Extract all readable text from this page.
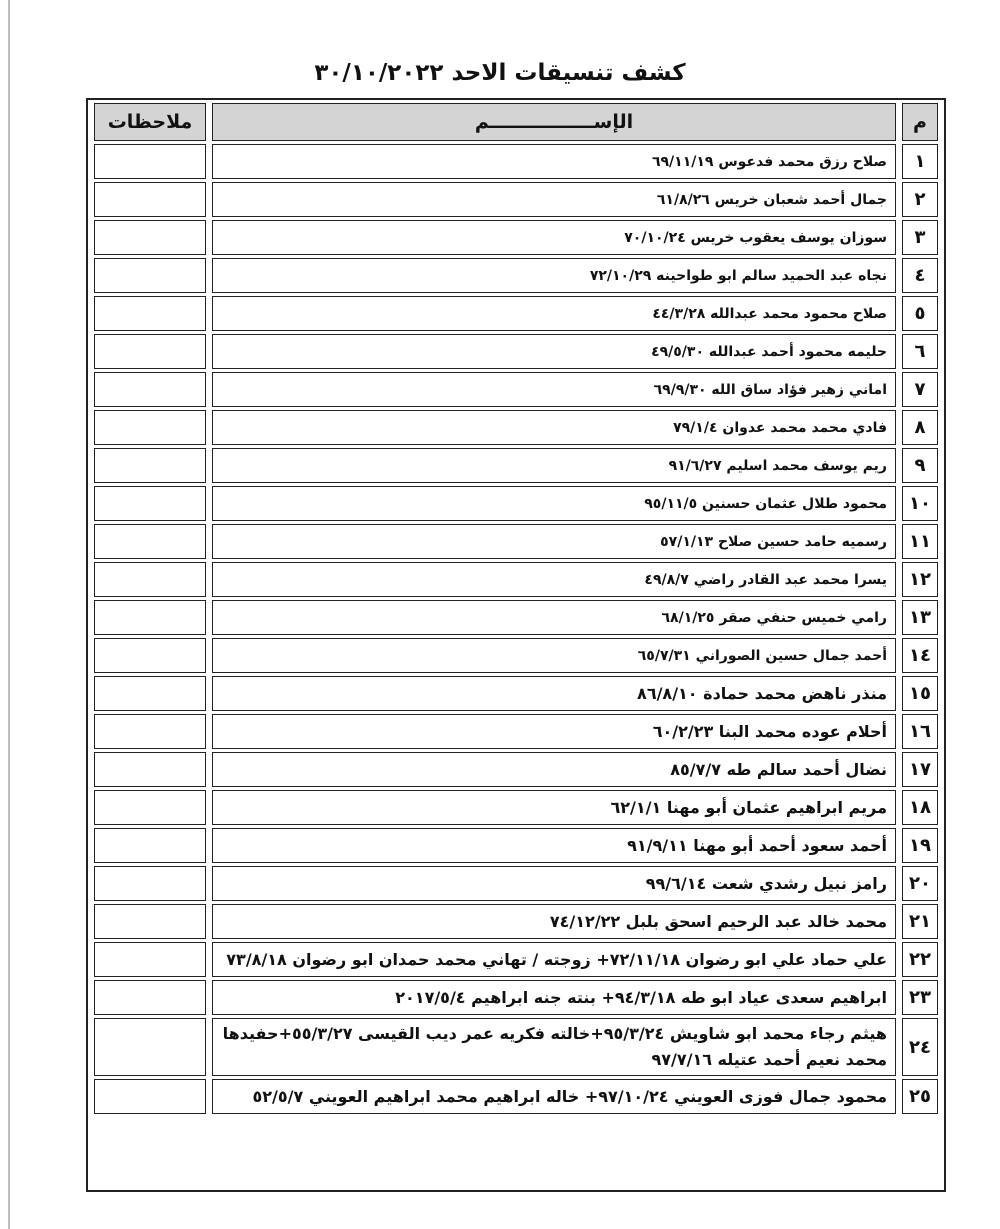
كشف تنسيقات الاحد ٣٠/١٠/٢٠٢٢
م	الإســــــــــــــــم	ملاحظات
١	صلاح رزق محمد فدعوس ٦٩/١١/١٩	
٢	جمال أحمد شعبان خريس ٦١/٨/٢٦	
٣	سوزان يوسف يعقوب خريس ٧٠/١٠/٢٤	
٤	نجاه عبد الحميد سالم ابو طواحينه ٧٢/١٠/٢٩	
٥	صلاح محمود محمد عبدالله ٤٤/٣/٢٨	
٦	حليمه محمود أحمد عبدالله ٤٩/٥/٣٠	
٧	اماني زهير فؤاد ساق الله ٦٩/٩/٣٠	
٨	فادي محمد محمد عدوان ٧٩/١/٤	
٩	ريم يوسف محمد اسليم ٩١/٦/٢٧	
١٠	محمود طلال عثمان حسنين ٩٥/١١/٥	
١١	رسميه حامد حسين صلاح ٥٧/١/١٣	
١٢	يسرا محمد عبد القادر راضي ٤٩/٨/٧	
١٣	رامي خميس حنفي صقر ٦٨/١/٢٥	
١٤	أحمد جمال حسين الصوراني ٦٥/٧/٣١	
١٥	منذر ناهض محمد حمادة ٨٦/٨/١٠	
١٦	أحلام عوده محمد البنا ٦٠/٢/٢٣	
١٧	نضال أحمد سالم طه ٨٥/٧/٧	
١٨	مريم ابراهيم عثمان أبو مهنا ٦٢/١/١	
١٩	أحمد سعود أحمد أبو مهنا ٩١/٩/١١	
٢٠	رامز نبيل رشدي شعت ٩٩/٦/١٤	
٢١	محمد خالد عبد الرحيم اسحق بلبل ٧٤/١٢/٢٢	
٢٢	علي حماد علي ابو رضوان ٧٢/١١/١٨+ زوجته / تهاني محمد حمدان ابو رضوان ٧٣/٨/١٨	
٢٣	ابراهيم سعدى عياد ابو طه ٩٤/٣/١٨+ بنته جنه ابراهيم ٢٠١٧/٥/٤	
٢٤	هيثم رجاء محمد ابو شاويش ٩٥/٣/٢٤+خالته فكريه عمر ديب القيسى ٥٥/٣/٢٧+حفيدها محمد نعيم أحمد عتيله ٩٧/٧/١٦	
٢٥	محمود جمال فوزى العويني ٩٧/١٠/٢٤+ خاله ابراهيم محمد ابراهيم العويني ٥٢/٥/٧	
